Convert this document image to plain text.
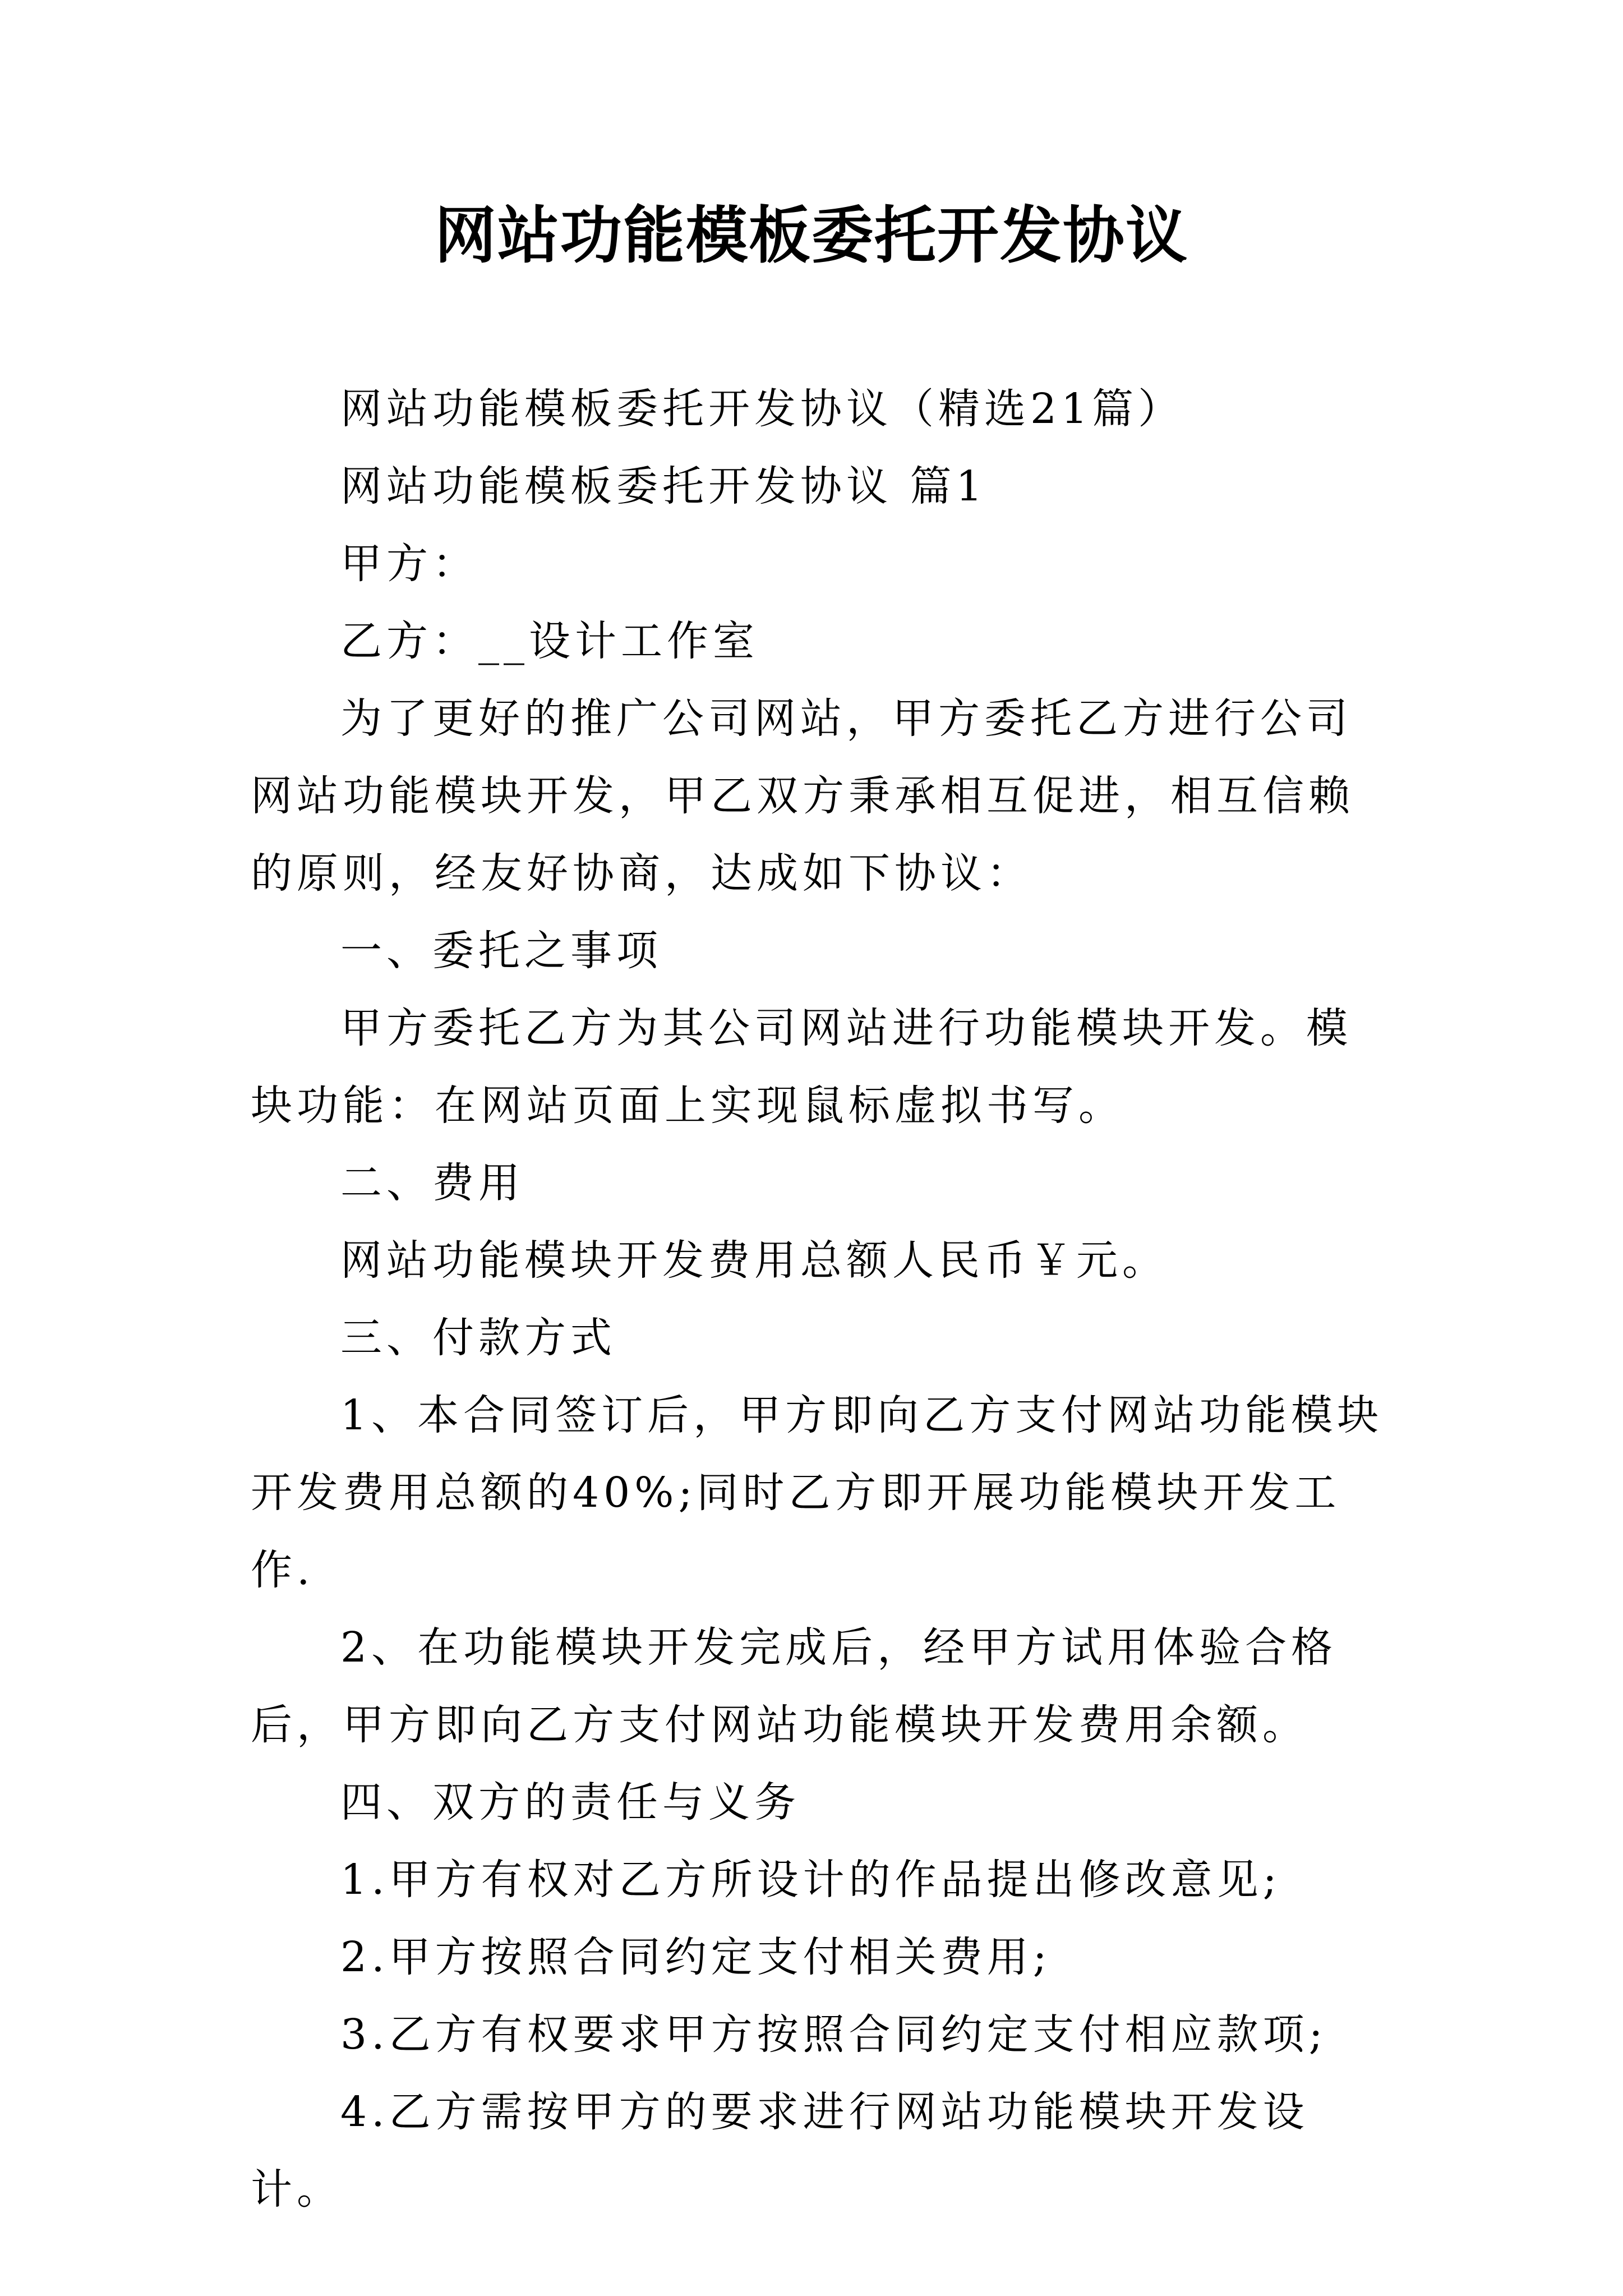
网站功能模板委托开发协议

网站功能模板委托开发协议（精选21篇）

网站功能模板委托开发协议 篇1

甲方：

乙方：__设计工作室

为了更好的推广公司网站，甲方委托乙方进行公司网站功能模块开发，甲乙双方秉承相互促进，相互信赖的原则，经友好协商，达成如下协议：

一、委托之事项

甲方委托乙方为其公司网站进行功能模块开发。模块功能：在网站页面上实现鼠标虚拟书写。

二、费用

网站功能模块开发费用总额人民币￥元。

三、付款方式

1、本合同签订后，甲方即向乙方支付网站功能模块开发费用总额的40%;同时乙方即开展功能模块开发工作.

2、在功能模块开发完成后，经甲方试用体验合格后，甲方即向乙方支付网站功能模块开发费用余额。

四、双方的责任与义务

1.甲方有权对乙方所设计的作品提出修改意见;

2.甲方按照合同约定支付相关费用;

3.乙方有权要求甲方按照合同约定支付相应款项;

4.乙方需按甲方的要求进行网站功能模块开发设计。
